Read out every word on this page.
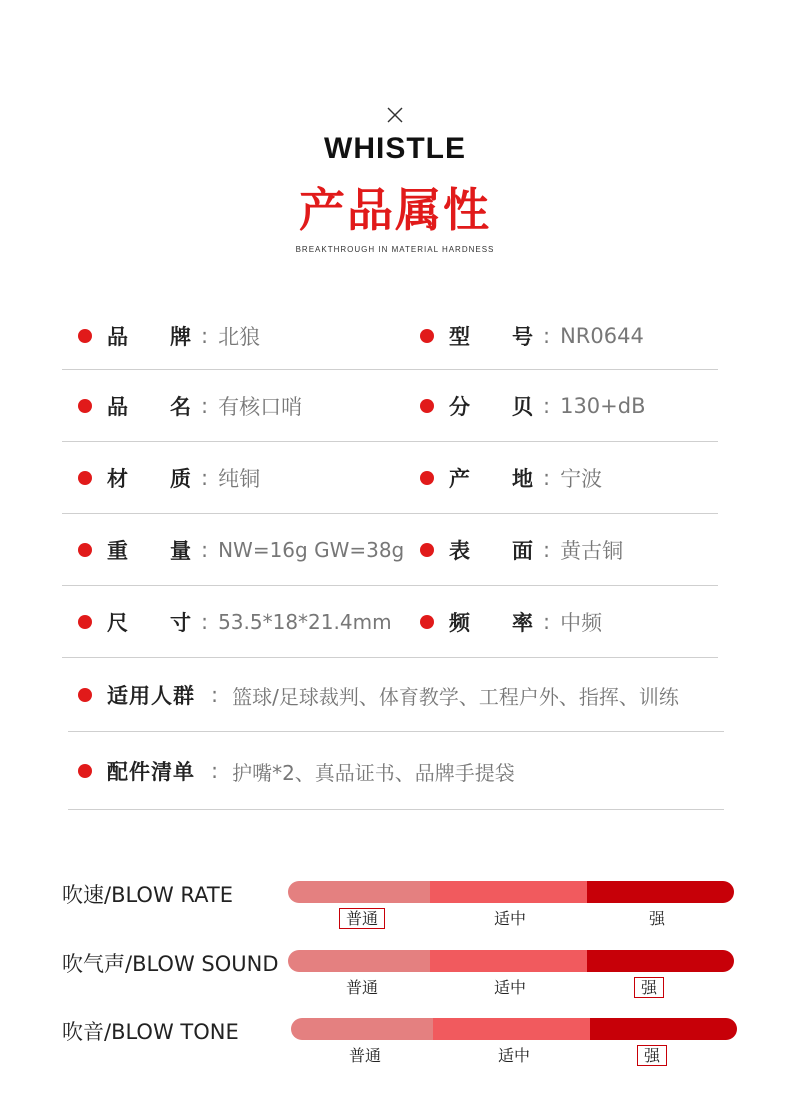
WHISTLE
产品属性
BREAKTHROUGH IN MATERIAL HARDNESS
品 牌 : 北狼	型 号 : NR0644
品 名 : 有核口哨	分 贝 : 130+dB
材 质 : 纯铜	产 地 : 宁波
重 量 : NW=16g GW=38g 表 面 : 黄古铜
尺 寸 : 53.5*18*21.4mm	频 率 : 中频
适用人群 : 篮球/足球裁判、体育教学、工程户外、指挥、训练
配件清单 : 护嘴*2、真品证书、品牌手提袋
吹速/BLOW RATE
普通	适中	强
吹气声/BLOW SOUND
普通	适中	强
吹音/BLOW TONE
普通	适中	强
